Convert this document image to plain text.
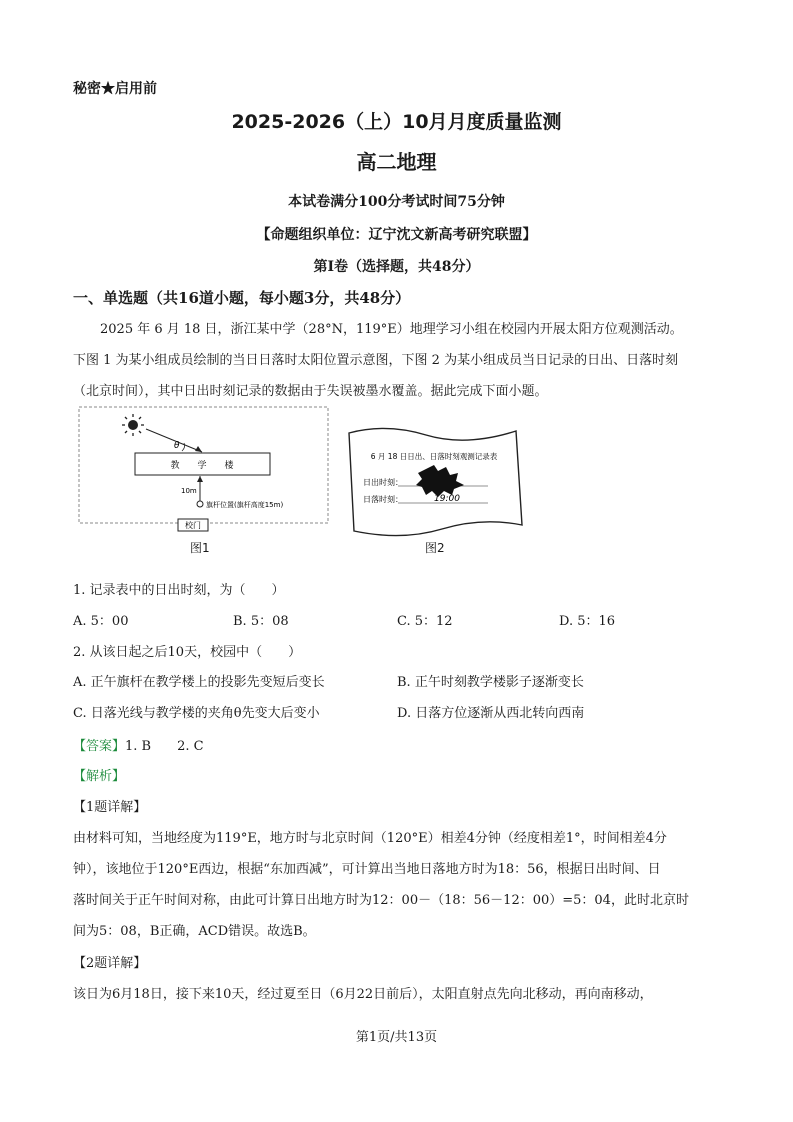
秘密★启用前
2025-2026（上）10月月度质量监测
高二地理
本试卷满分100分考试时间75分钟
【命题组织单位：辽宁沈文新高考研究联盟】
第Ⅰ卷（选择题，共48分）
一、单选题（共16道小题，每小题3分，共48分）
2025 年 6 月 18 日，浙江某中学（28°N，119°E）地理学习小组在校园内开展太阳方位观测活动。
下图 1 为某小组成员绘制的当日日落时太阳位置示意图，下图 2 为某小组成员当日记录的日出、日落时刻
（北京时间），其中日出时刻记录的数据由于失误被墨水覆盖。据此完成下面小题。
θ
教　　学　　楼
10m
旗杆位置(旗杆高度15m)
校门
图1
6 月 18 日日出、日落时刻观测记录表
日出时刻：
日落时刻：	19:00
图2
1. 记录表中的日出时刻，为（　　）
A. 5：00	B. 5：08	C. 5：12	D. 5：16
2. 从该日起之后10天，校园中（　　）
A. 正午旗杆在教学楼上的投影先变短后变长	B. 正午时刻教学楼影子逐渐变长
C. 日落光线与教学楼的夹角θ先变大后变小	D. 日落方位逐渐从西北转向西南
【答案】1. B　　2. C
【解析】
【1题详解】
由材料可知，当地经度为119°E，地方时与北京时间（120°E）相差4分钟（经度相差1°，时间相差4分
钟），该地位于120°E西边，根据“东加西减”，可计算出当地日落地方时为18：56，根据日出时间、日
落时间关于正午时间对称，由此可计算日出地方时为12：00－（18：56－12：00）=5：04，此时北京时
间为5：08，B正确，ACD错误。故选B。
【2题详解】
该日为6月18日，接下来10天，经过夏至日（6月22日前后），太阳直射点先向北移动，再向南移动，
第1页/共13页
